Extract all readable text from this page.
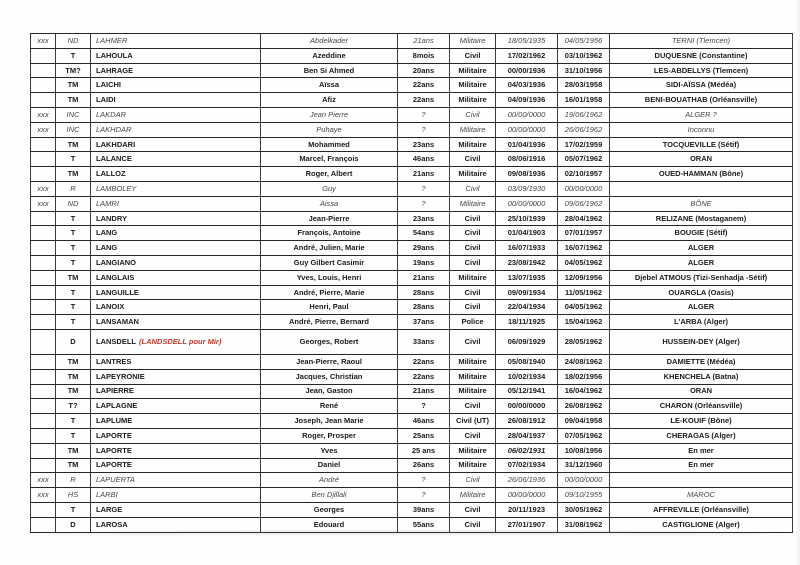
xxx	ND	LAHMER	Abdelkader	21ans	Militaire	18/05/1935	04/05/1956	TERNI (Tlemcen)
	T	LAHOULA	Azeddine	8mois	Civil	17/02/1962	03/10/1962	DUQUESNE (Constantine)
	TM?	LAHRAGE	Ben Si Ahmed	20ans	Militaire	00/00/1936	31/10/1956	LES-ABDELLYS (Tlemcen)
	TM	LAICHI	Aïssa	22ans	Militaire	04/03/1936	28/03/1958	SIDI-AÏSSA (Médéa)
	TM	LAIDI	Afiz	22ans	Militaire	04/09/1936	16/01/1958	BENI-BOUATHAB (Orléansville)
xxx	INC	LAKDAR	Jean Pierre	?	Civil	00/00/0000	19/06/1962	ALGER ?
xxx	INC	LAKHDAR	Puhaye	?	Militaire	00/00/0000	26/06/1962	Inconnu
	TM	LAKHDARI	Mohammed	23ans	Militaire	01/04/1936	17/02/1959	TOCQUEVILLE (Sétif)
	T	LALANCE	Marcel, François	46ans	Civil	08/06/1916	05/07/1962	ORAN
	TM	LALLOZ	Roger, Albert	21ans	Militaire	09/08/1936	02/10/1957	OUED-HAMMAN (Bône)
xxx	R	LAMBOLEY	Guy	?	Civil	03/09/1930	00/00/0000	
xxx	ND	LAMRI	Aissa	?	Militaire	00/00/0000	09/06/1962	BÔNE
	T	LANDRY	Jean-Pierre	23ans	Civil	25/10/1939	28/04/1962	RELIZANE (Mostaganem)
	T	LANG	François, Antoine	54ans	Civil	01/04/1903	07/01/1957	BOUGIE (Sétif)
	T	LANG	André, Julien, Marie	29ans	Civil	16/07/1933	16/07/1962	ALGER
	T	LANGIANO	Guy Gilbert Casimir	19ans	Civil	23/08/1942	04/05/1962	ALGER
	TM	LANGLAIS	Yves, Louis, Henri	21ans	Militaire	13/07/1935	12/09/1956	Djebel ATMOUS (Tizi-Senhadja -Sétif)
	T	LANGUILLE	André, Pierre, Marie	28ans	Civil	09/09/1934	11/05/1962	OUARGLA (Oasis)
	T	LANOIX	Henri, Paul	28ans	Civil	22/04/1934	04/05/1962	ALGER
	T	LANSAMAN	André, Pierre, Bernard	37ans	Police	18/11/1925	15/04/1962	L'ARBA (Alger)
	D	LANSDELL (LANDSDELL pour Mir)	Georges, Robert	33ans	Civil	06/09/1929	28/05/1962	HUSSEIN-DEY (Alger)
	TM	LANTRES	Jean-Pierre, Raoul	22ans	Militaire	05/08/1940	24/08/1962	DAMIETTE (Médéa)
	TM	LAPEYRONIE	Jacques, Christian	22ans	Militaire	10/02/1934	18/02/1956	KHENCHELA (Batna)
	TM	LAPIERRE	Jean, Gaston	21ans	Militaire	05/12/1941	16/04/1962	ORAN
	T?	LAPLAGNE	René	?	Civil	00/00/0000	26/08/1962	CHARON (Orléansville)
	T	LAPLUME	Joseph, Jean Marie	46ans	Civil (UT)	26/08/1912	09/04/1958	LE-KOUIF (Bône)
	T	LAPORTE	Roger, Prosper	25ans	Civil	28/04/1937	07/05/1962	CHERAGAS (Alger)
	TM	LAPORTE	Yves	25 ans	Militaire	06/02/1931	10/08/1956	En mer
	TM	LAPORTE	Daniel	26ans	Militaire	07/02/1934	31/12/1960	En mer
xxx	R	LAPUERTA	André	?	Civil	26/06/1936	00/00/0000	
xxx	HS	LARBI	Ben Djillali	?	Militaire	00/00/0000	09/10/1955	MAROC
	T	LARGE	Georges	39ans	Civil	20/11/1923	30/05/1962	AFFREVILLE (Orléansville)
	D	LAROSA	Edouard	55ans	Civil	27/01/1907	31/08/1962	CASTIGLIONE (Alger)
